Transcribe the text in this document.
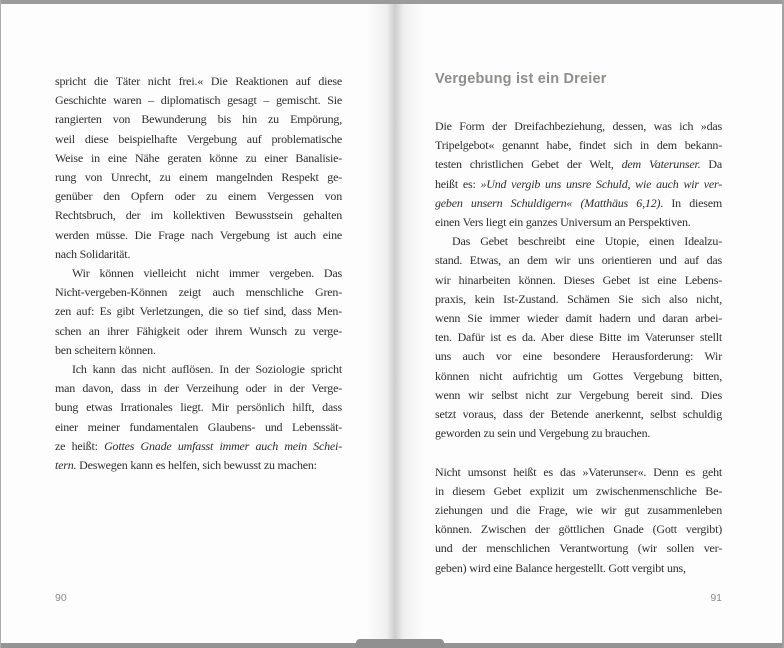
spricht die Täter nicht frei.« Die Reaktionen auf diese
Geschichte waren – diplomatisch gesagt – gemischt. Sie
rangierten von Bewunderung bis hin zu Empörung,
weil diese beispielhafte Vergebung auf problematische
Weise in eine Nähe geraten könne zu einer Banalisie-
rung von Unrecht, zu einem mangelnden Respekt ge-
genüber den Opfern oder zu einem Vergessen von
Rechtsbruch, der im kollektiven Bewusstsein gehalten
werden müsse. Die Frage nach Vergebung ist auch eine
nach Solidarität.
Wir können vielleicht nicht immer vergeben. Das
Nicht-vergeben-Können zeigt auch menschliche Gren-
zen auf: Es gibt Verletzungen, die so tief sind, dass Men-
schen an ihrer Fähigkeit oder ihrem Wunsch zu verge-
ben scheitern können.
Ich kann das nicht auflösen. In der Soziologie spricht
man davon, dass in der Verzeihung oder in der Verge-
bung etwas Irrationales liegt. Mir persönlich hilft, dass
einer meiner fundamentalen Glaubens- und Lebenssät-
ze heißt: Gottes Gnade umfasst immer auch mein Schei-
tern. Deswegen kann es helfen, sich bewusst zu machen:
90
Vergebung ist ein Dreier
Die Form der Dreifachbeziehung, dessen, was ich »das
Tripelgebot« genannt habe, findet sich in dem bekann-
testen christlichen Gebet der Welt, dem Vaterunser. Da
heißt es: »Und vergib uns unsre Schuld, wie auch wir ver-
geben unsern Schuldigern« (Matthäus 6,12). In diesem
einen Vers liegt ein ganzes Universum an Perspektiven.
Das Gebet beschreibt eine Utopie, einen Idealzu-
stand. Etwas, an dem wir uns orientieren und auf das
wir hinarbeiten können. Dieses Gebet ist eine Lebens-
praxis, kein Ist-Zustand. Schämen Sie sich also nicht,
wenn Sie immer wieder damit hadern und daran arbei-
ten. Dafür ist es da. Aber diese Bitte im Vaterunser stellt
uns auch vor eine besondere Herausforderung: Wir
können nicht aufrichtig um Gottes Vergebung bitten,
wenn wir selbst nicht zur Vergebung bereit sind. Dies
setzt voraus, dass der Betende anerkennt, selbst schuldig
geworden zu sein und Vergebung zu brauchen.
Nicht umsonst heißt es das »Vaterunser«. Denn es geht
in diesem Gebet explizit um zwischenmenschliche Be-
ziehungen und die Frage, wie wir gut zusammenleben
können. Zwischen der göttlichen Gnade (Gott vergibt)
und der menschlichen Verantwortung (wir sollen ver-
geben) wird eine Balance hergestellt. Gott vergibt uns,
91
